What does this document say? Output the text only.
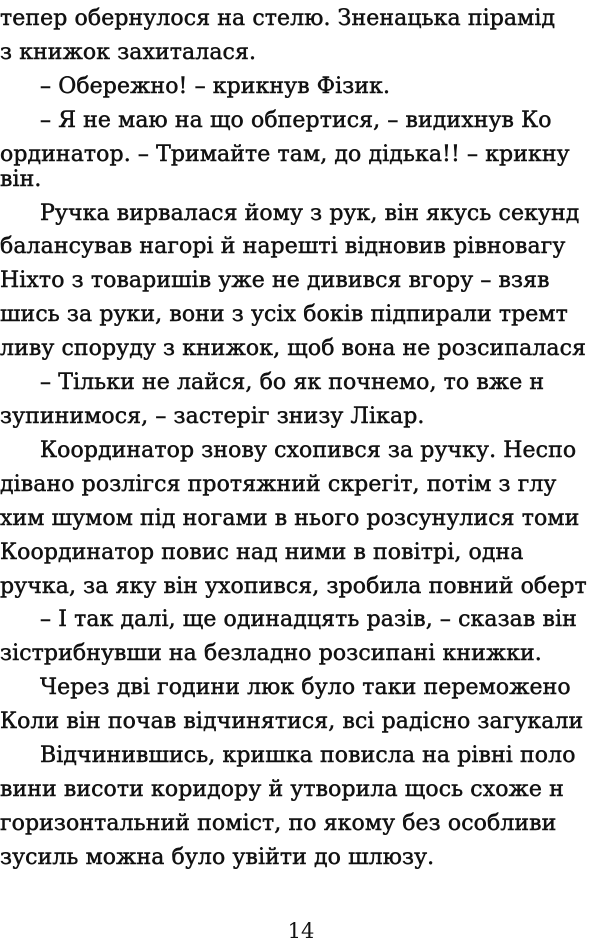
тепер обернулося на стелю. Зненацька пірамід
з книжок захиталася.
– Обережно! – крикнув Фізик.
– Я не маю на що обпертися, – видихнув Ко
ординатор. – Тримайте там, до дідька!! – крикну
він.
Ручка вирвалася йому з рук, він якусь секунд
балансував нагорі й нарешті відновив рівновагу
Ніхто з товаришів уже не дивився вгору – взяв
шись за руки, вони з усіх боків підпирали тремт
ливу споруду з книжок, щоб вона не розсипалася
– Тільки не лайся, бо як почнемо, то вже н
зупинимося, – застеріг знизу Лікар.
Координатор знову схопився за ручку. Неспо
дівано розлігся протяжний скрегіт, потім з глу
хим шумом під ногами в нього розсунулися томи
Координатор повис над ними в повітрі, одна
ручка, за яку він ухопився, зробила повний оберт
– І так далі, ще одинадцять разів, – сказав він
зістрибнувши на безладно розсипані книжки.
Через дві години люк було таки переможено
Коли він почав відчинятися, всі радісно загукали
Відчинившись, кришка повисла на рівні поло
вини висоти коридору й утворила щось схоже н
горизонтальний поміст, по якому без особливи
зусиль можна було увійти до шлюзу.
14
